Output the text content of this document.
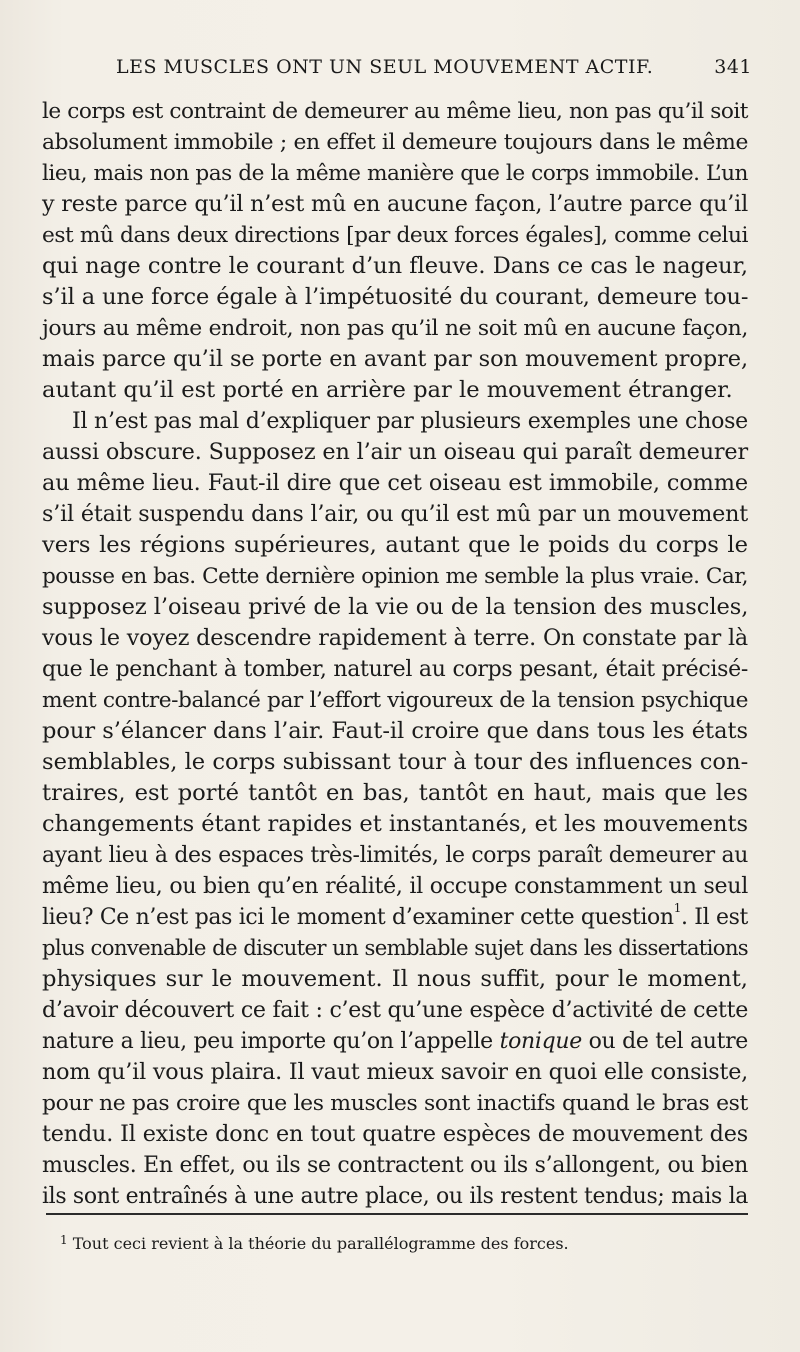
LES MUSCLES ONT UN SEUL MOUVEMENT ACTIF.	341
le corps est contraint de demeurer au même lieu, non pas qu’il soit
absolument immobile ; en effet il demeure toujours dans le même
lieu, mais non pas de la même manière que le corps immobile. L’un
y reste parce qu’il n’est mû en aucune façon, l’autre parce qu’il
est mû dans deux directions [par deux forces égales], comme celui
qui nage contre le courant d’un fleuve. Dans ce cas le nageur,
s’il a une force égale à l’impétuosité du courant, demeure tou-
jours au même endroit, non pas qu’il ne soit mû en aucune façon,
mais parce qu’il se porte en avant par son mouvement propre,
autant qu’il est porté en arrière par le mouvement étranger.
Il n’est pas mal d’expliquer par plusieurs exemples une chose
aussi obscure. Supposez en l’air un oiseau qui paraît demeurer
au même lieu. Faut-il dire que cet oiseau est immobile, comme
s’il était suspendu dans l’air, ou qu’il est mû par un mouvement
vers les régions supérieures, autant que le poids du corps le
pousse en bas. Cette dernière opinion me semble la plus vraie. Car,
supposez l’oiseau privé de la vie ou de la tension des muscles,
vous le voyez descendre rapidement à terre. On constate par là
que le penchant à tomber, naturel au corps pesant, était précisé-
ment contre-balancé par l’effort vigoureux de la tension psychique
pour s’élancer dans l’air. Faut-il croire que dans tous les états
semblables, le corps subissant tour à tour des influences con-
traires, est porté tantôt en bas, tantôt en haut, mais que les
changements étant rapides et instantanés, et les mouvements
ayant lieu à des espaces très-limités, le corps paraît demeurer au
même lieu, ou bien qu’en réalité, il occupe constamment un seul
lieu? Ce n’est pas ici le moment d’examiner cette question$^1$. Il est
plus convenable de discuter un semblable sujet dans les dissertations
physiques sur le mouvement. Il nous suffit, pour le moment,
d’avoir découvert ce fait : c’est qu’une espèce d’activité de cette
nature a lieu, peu importe qu’on l’appelle tonique ou de tel autre
nom qu’il vous plaira. Il vaut mieux savoir en quoi elle consiste,
pour ne pas croire que les muscles sont inactifs quand le bras est
tendu. Il existe donc en tout quatre espèces de mouvement des
muscles. En effet, ou ils se contractent ou ils s’allongent, ou bien
ils sont entraînés à une autre place, ou ils restent tendus; mais la
$^1$ Tout ceci revient à la théorie du parallélogramme des forces.
